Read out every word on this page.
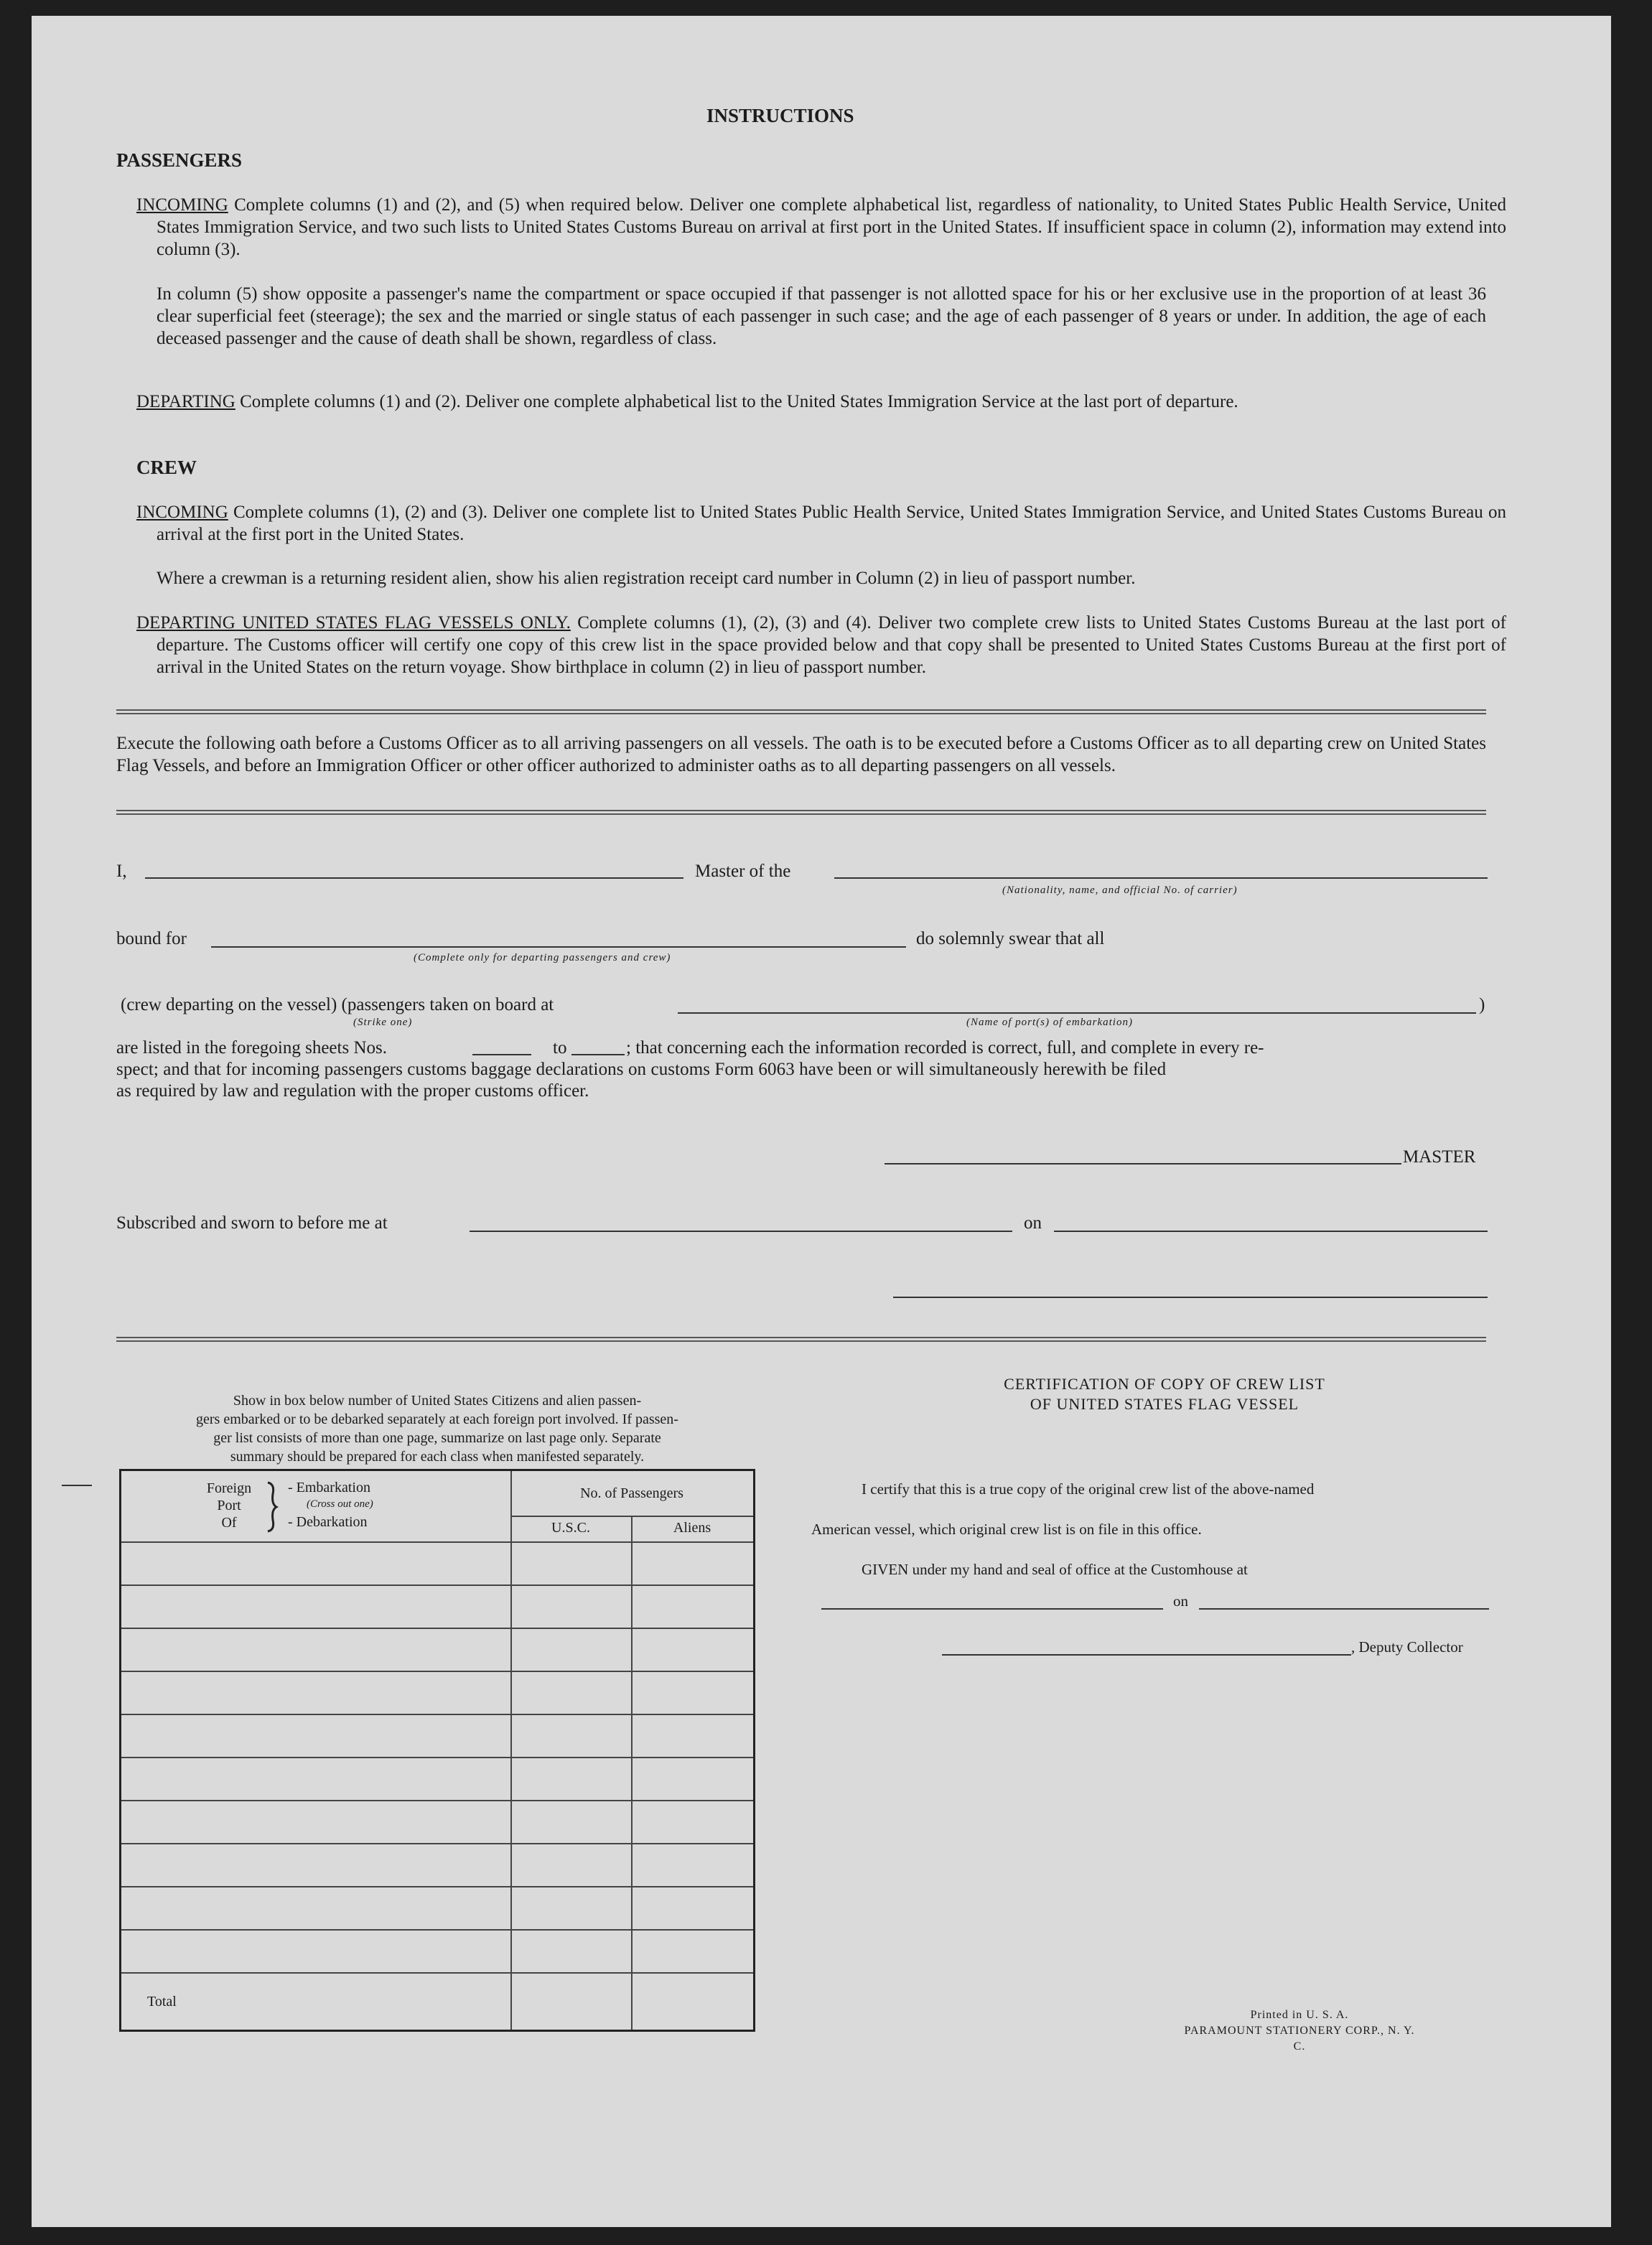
INSTRUCTIONS
PASSENGERS
INCOMING Complete columns (1) and (2), and (5) when required below. Deliver one complete alphabetical list, regardless of nationality, to United States Public Health Service, United States Immigration Service, and two such lists to United States Customs Bureau on arrival at first port in the United States. If insufficient space in column (2), information may extend into column (3).
In column (5) show opposite a passenger's name the compartment or space occupied if that passenger is not allotted space for his or her exclusive use in the proportion of at least 36 clear superficial feet (steerage); the sex and the married or single status of each passenger in such case; and the age of each passenger of 8 years or under. In addition, the age of each deceased passenger and the cause of death shall be shown, regardless of class.
DEPARTING Complete columns (1) and (2). Deliver one complete alphabetical list to the United States Immigration Service at the last port of departure.
CREW
INCOMING Complete columns (1), (2) and (3). Deliver one complete list to United States Public Health Service, United States Immigration Service, and United States Customs Bureau on arrival at the first port in the United States.
Where a crewman is a returning resident alien, show his alien registration receipt card number in Column (2) in lieu of passport number.
DEPARTING UNITED STATES FLAG VESSELS ONLY. Complete columns (1), (2), (3) and (4). Deliver two complete crew lists to United States Customs Bureau at the last port of departure. The Customs officer will certify one copy of this crew list in the space provided below and that copy shall be presented to United States Customs Bureau at the first port of arrival in the United States on the return voyage. Show birthplace in column (2) in lieu of passport number.
Execute the following oath before a Customs Officer as to all arriving passengers on all vessels. The oath is to be executed before a Customs Officer as to all departing crew on United States Flag Vessels, and before an Immigration Officer or other officer authorized to administer oaths as to all departing passengers on all vessels.
I,	Master of the
(Nationality, name, and official No. of carrier)
bound for
(Complete only for departing passengers and crew)
do solemnly swear that all
(crew departing on the vessel) (passengers taken on board at
(Strike one)	(Name of port(s) of embarkation)
)
are listed in the foregoing sheets Nos.	to	; that concerning each the information recorded is correct, full, and complete in every re-
spect; and that for incoming passengers customs baggage declarations on customs Form 6063 have been or will simultaneously herewith be filed
as required by law and regulation with the proper customs officer.
MASTER
Subscribed and sworn to before me at	on
Show in box below number of United States Citizens and alien passen-
gers embarked or to be debarked separately at each foreign port involved. If passen-
ger list consists of more than one page, summarize on last page only. Separate
summary should be prepared for each class when manifested separately.
Foreign
Port
Of
- Embarkation
(Cross out one)
- Debarkation
No. of Passengers
U.S.C.	Aliens
Total
CERTIFICATION OF COPY OF CREW LIST
OF UNITED STATES FLAG VESSEL
I certify that this is a true copy of the original crew list of the above-named
American vessel, which original crew list is on file in this office.
GIVEN under my hand and seal of office at the Customhouse at
on
, Deputy Collector
Printed in U. S. A.
PARAMOUNT STATIONERY CORP., N. Y. C.
